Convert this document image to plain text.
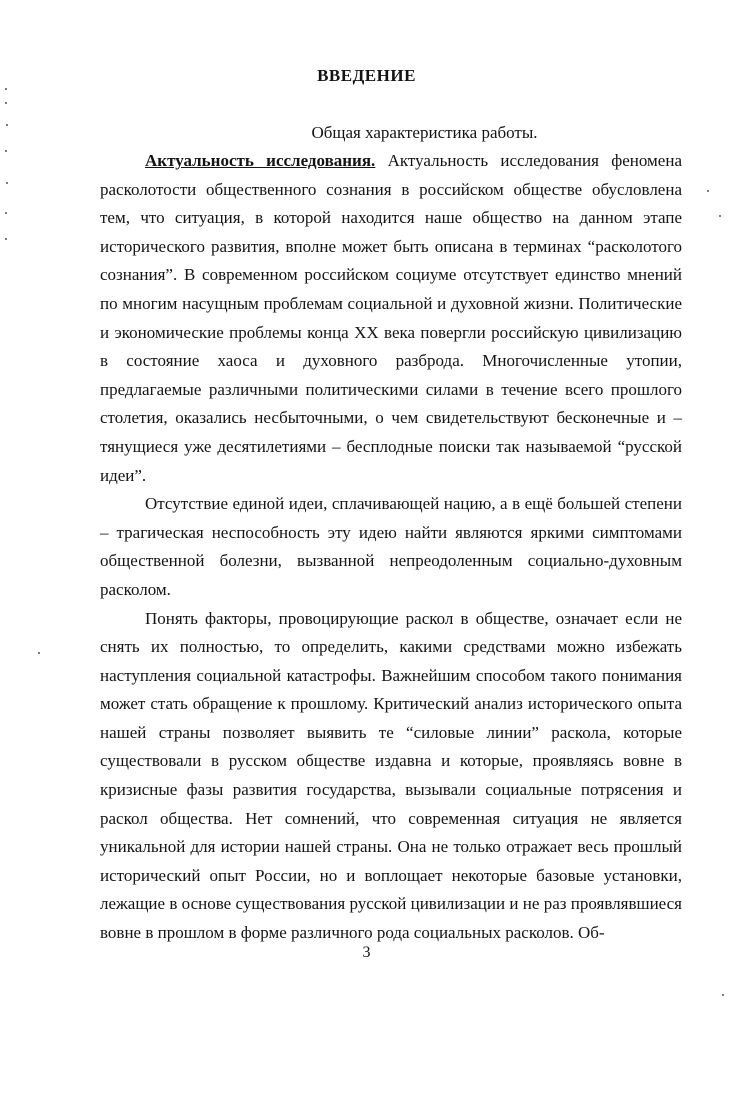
ВВЕДЕНИЕ
Общая характеристика работы.

Актуальность исследования. Актуальность исследования феномена расколотости общественного сознания в российском обществе обусловлена тем, что ситуация, в которой находится наше общество на данном этапе исторического развития, вполне может быть описана в терминах “расколотого сознания”. В современном российском социуме отсутствует единство мнений по многим насущным проблемам социальной и духовной жизни. Политические и экономические проблемы конца XX века повергли российскую цивилизацию в состояние хаоса и духовного разброда. Многочисленные утопии, предлагаемые различными политическими силами в течение всего прошлого столетия, оказались несбыточными, о чем свидетельствуют бесконечные и – тянущиеся уже десятилетиями – бесплодные поиски так называемой “русской идеи”.

Отсутствие единой идеи, сплачивающей нацию, а в ещё большей степени – трагическая неспособность эту идею найти являются яркими симптомами общественной болезни, вызванной непреодоленным социально-духовным расколом.

Понять факторы, провоцирующие раскол в обществе, означает если не снять их полностью, то определить, какими средствами можно избежать наступления социальной катастрофы. Важнейшим способом такого понимания может стать обращение к прошлому. Критический анализ исторического опыта нашей страны позволяет выявить те “силовые линии” раскола, которые существовали в русском обществе издавна и которые, проявляясь вовне в кризисные фазы развития государства, вызывали социальные потрясения и раскол общества. Нет сомнений, что современная ситуация не является уникальной для истории нашей страны. Она не только отражает весь прошлый исторический опыт России, но и воплощает некоторые базовые установки, лежащие в основе существования русской цивилизации и не раз проявлявшиеся вовне в прошлом в форме различного рода социальных расколов. Об-

3
